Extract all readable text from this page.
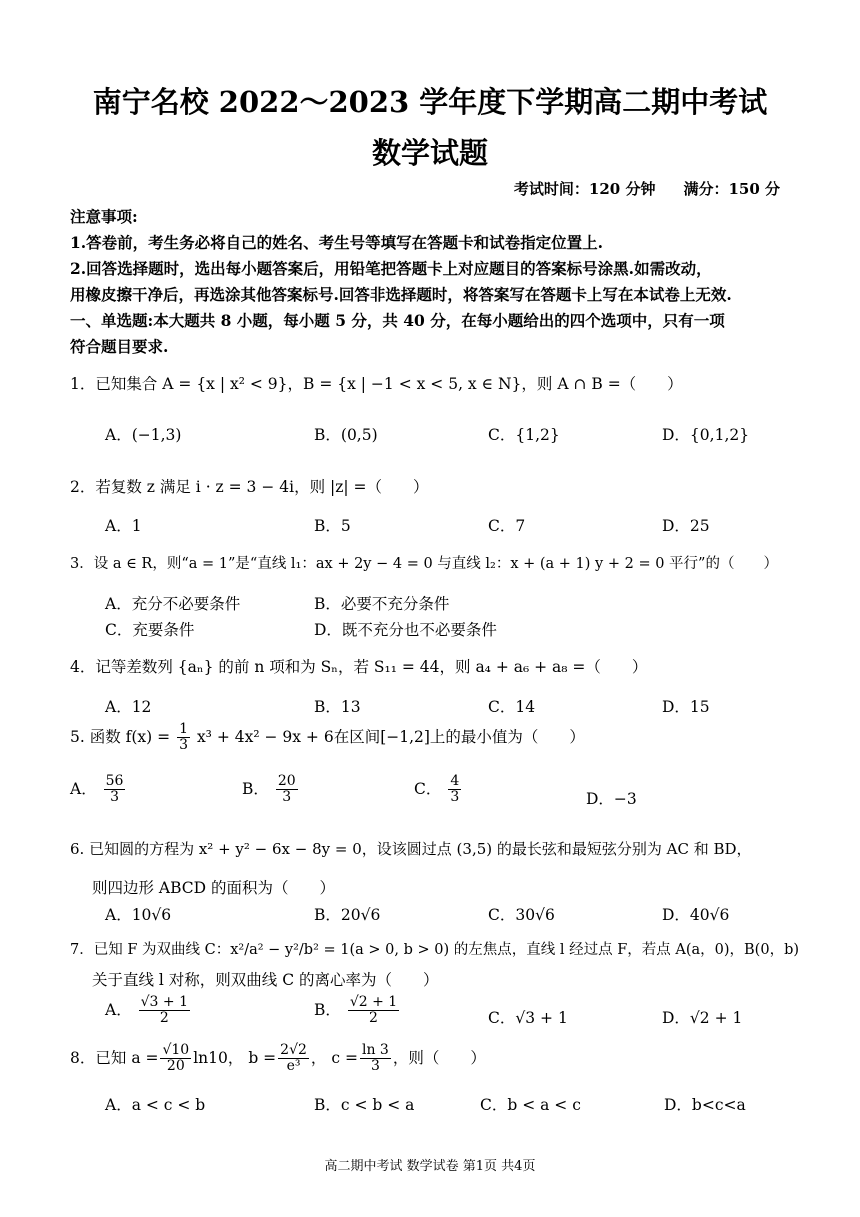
南宁名校 2022～2023 学年度下学期高二期中考试
数学试题
考试时间：120 分钟 满分：150 分
注意事项:
1.答卷前，考生务必将自己的姓名、考生号等填写在答题卡和试卷指定位置上.
2.回答选择题时，选出每小题答案后，用铅笔把答题卡上对应题目的答案标号涂黑.如需改动，
用橡皮擦干净后，再选涂其他答案标号.回答非选择题时，将答案写在答题卡上写在本试卷上无效.
一、单选题:本大题共 8 小题，每小题 5 分，共 40 分，在每小题给出的四个选项中，只有一项
符合题目要求.
1．已知集合 A = {x | x² < 9}，B = {x | −1 < x < 5, x ∈ N}，则 A ∩ B =（　　）
A．(−1,3)	B．(0,5)	C．{1,2}	D．{0,1,2}
2．若复数 z 满足 i · z = 3 − 4i，则 |z| =（　　）
A．1	B．5	C．7	D．25
3．设 a ∈ R，则“a = 1”是“直线 l₁：ax + 2y − 4 = 0 与直线 l₂：x + (a + 1) y + 2 = 0 平行”的（　　）
A．充分不必要条件	B．必要不充分条件
C．充要条件	D．既不充分也不必要条件
4．记等差数列 {aₙ} 的前 n 项和为 Sₙ，若 S₁₁ = 44，则 a₄ + a₆ + a₈ =（　　）
A．12	B．13	C．14	D．15
5. 函数 $f(x) = \frac{1}{3} x^3 + 4x^2 - 9x + 6$在区间[−1,2]上的最小值为（　　）
A． $\frac{56}{3}$	B． $\frac{20}{3}$	C． $\frac{4}{3}$	D．−3
6. 已知圆的方程为 x² + y² − 6x − 8y = 0，设该圆过点 (3,5) 的最长弦和最短弦分别为 AC 和 BD，
则四边形 ABCD 的面积为（　　）
A．10√6	B．20√6	C．30√6	D．40√6
7．已知 F 为双曲线 C：x²/a² − y²/b² = 1(a > 0, b > 0) 的左焦点，直线 l 经过点 F，若点 A(a，0)，B(0，b)
关于直线 l 对称，则双曲线 C 的离心率为（　　）
A． $\frac{√3 + 1}{2}$	B． $\frac{√2 + 1}{2}$	C．√3 + 1	D．√2 + 1
8．已知 $a = \frac{√10}{20} \ln 10$， $b = \frac{2√2}{\text{e³}}$ ， $c = \frac{\ln 3}{3}$ ，则（　　）
A．a < c < b	B．c < b < a	C．b < a < c	D．b<c<a
高二期中考试 数学试卷 第1页 共4页
